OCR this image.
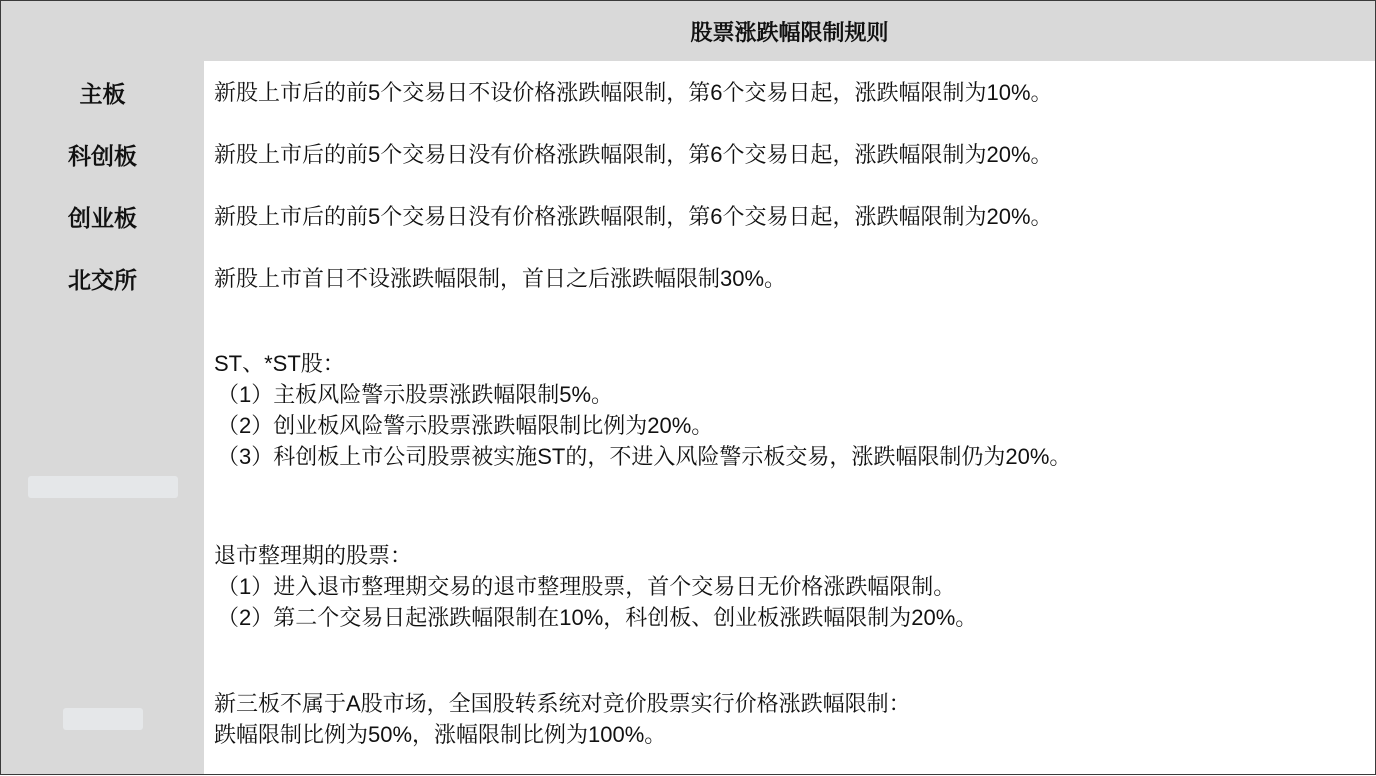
股票涨跌幅限制规则
主板	新股上市后的前5个交易日不设价格涨跌幅限制，第6个交易日起，涨跌幅限制为10%。
科创板	新股上市后的前5个交易日没有价格涨跌幅限制，第6个交易日起，涨跌幅限制为20%。
创业板	新股上市后的前5个交易日没有价格涨跌幅限制，第6个交易日起，涨跌幅限制为20%。
北交所	新股上市首日不设涨跌幅限制，首日之后涨跌幅限制30%。
ST、*ST股：
（1）主板风险警示股票涨跌幅限制5%。
（2）创业板风险警示股票涨跌幅限制比例为20%。
（3）科创板上市公司股票被实施ST的，不进入风险警示板交易，涨跌幅限制仍为20%。
退市整理期的股票：
（1）进入退市整理期交易的退市整理股票，首个交易日无价格涨跌幅限制。
（2）第二个交易日起涨跌幅限制在10%，科创板、创业板涨跌幅限制为20%。
新三板不属于A股市场，全国股转系统对竞价股票实行价格涨跌幅限制：
跌幅限制比例为50%，涨幅限制比例为100%。
